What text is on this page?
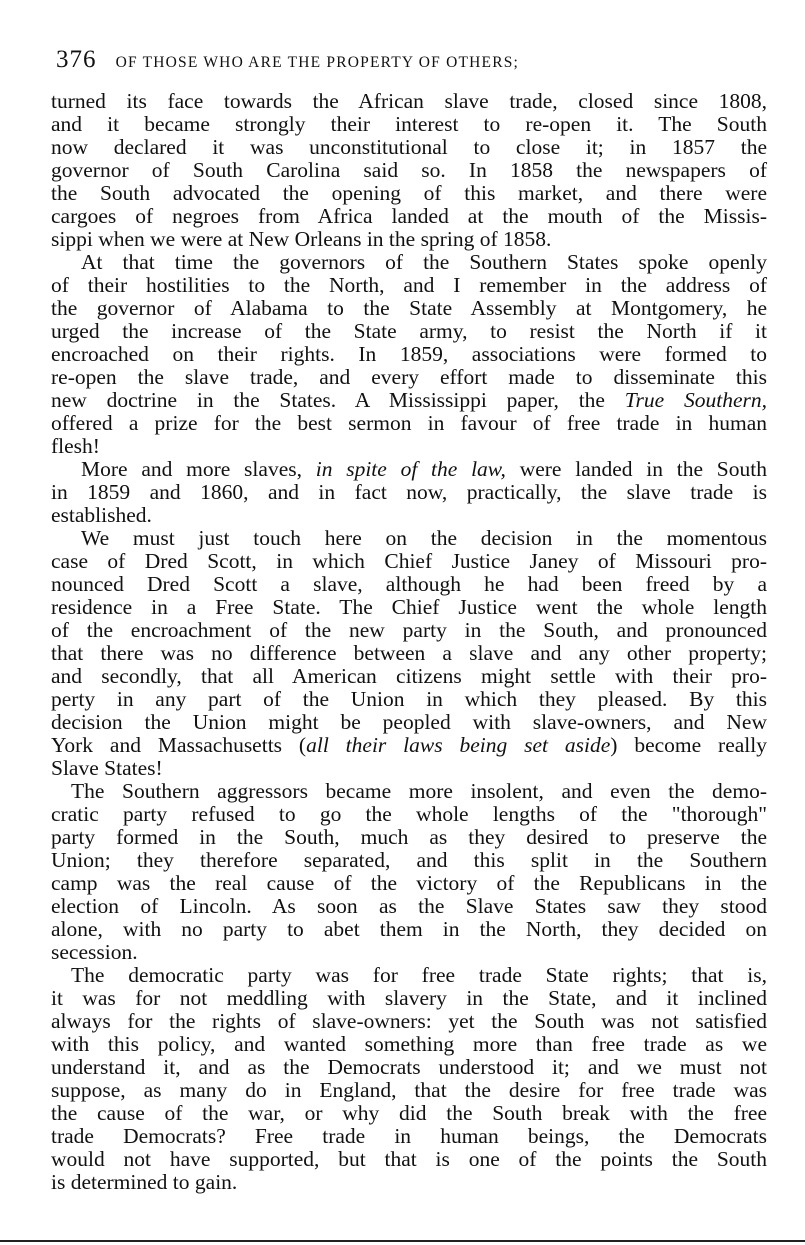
376 OF THOSE WHO ARE THE PROPERTY OF OTHERS;
turned its face towards the African slave trade, closed since 1808,
and it became strongly their interest to re-open it. The South
now declared it was unconstitutional to close it; in 1857 the
governor of South Carolina said so. In 1858 the newspapers of
the South advocated the opening of this market, and there were
cargoes of negroes from Africa landed at the mouth of the Missis-
sippi when we were at New Orleans in the spring of 1858.
At that time the governors of the Southern States spoke openly
of their hostilities to the North, and I remember in the address of
the governor of Alabama to the State Assembly at Montgomery, he
urged the increase of the State army, to resist the North if it
encroached on their rights. In 1859, associations were formed to
re-open the slave trade, and every effort made to disseminate this
new doctrine in the States. A Mississippi paper, the True Southern,
offered a prize for the best sermon in favour of free trade in human
flesh!
More and more slaves, in spite of the law, were landed in the South
in 1859 and 1860, and in fact now, practically, the slave trade is
established.
We must just touch here on the decision in the momentous
case of Dred Scott, in which Chief Justice Janey of Missouri pro-
nounced Dred Scott a slave, although he had been freed by a
residence in a Free State. The Chief Justice went the whole length
of the encroachment of the new party in the South, and pronounced
that there was no difference between a slave and any other property;
and secondly, that all American citizens might settle with their pro-
perty in any part of the Union in which they pleased. By this
decision the Union might be peopled with slave-owners, and New
York and Massachusetts (all their laws being set aside) become really
Slave States!
The Southern aggressors became more insolent, and even the demo-
cratic party refused to go the whole lengths of the "thorough"
party formed in the South, much as they desired to preserve the
Union; they therefore separated, and this split in the Southern
camp was the real cause of the victory of the Republicans in the
election of Lincoln. As soon as the Slave States saw they stood
alone, with no party to abet them in the North, they decided on
secession.
The democratic party was for free trade State rights; that is,
it was for not meddling with slavery in the State, and it inclined
always for the rights of slave-owners: yet the South was not satisfied
with this policy, and wanted something more than free trade as we
understand it, and as the Democrats understood it; and we must not
suppose, as many do in England, that the desire for free trade was
the cause of the war, or why did the South break with the free
trade Democrats? Free trade in human beings, the Democrats
would not have supported, but that is one of the points the South
is determined to gain.
